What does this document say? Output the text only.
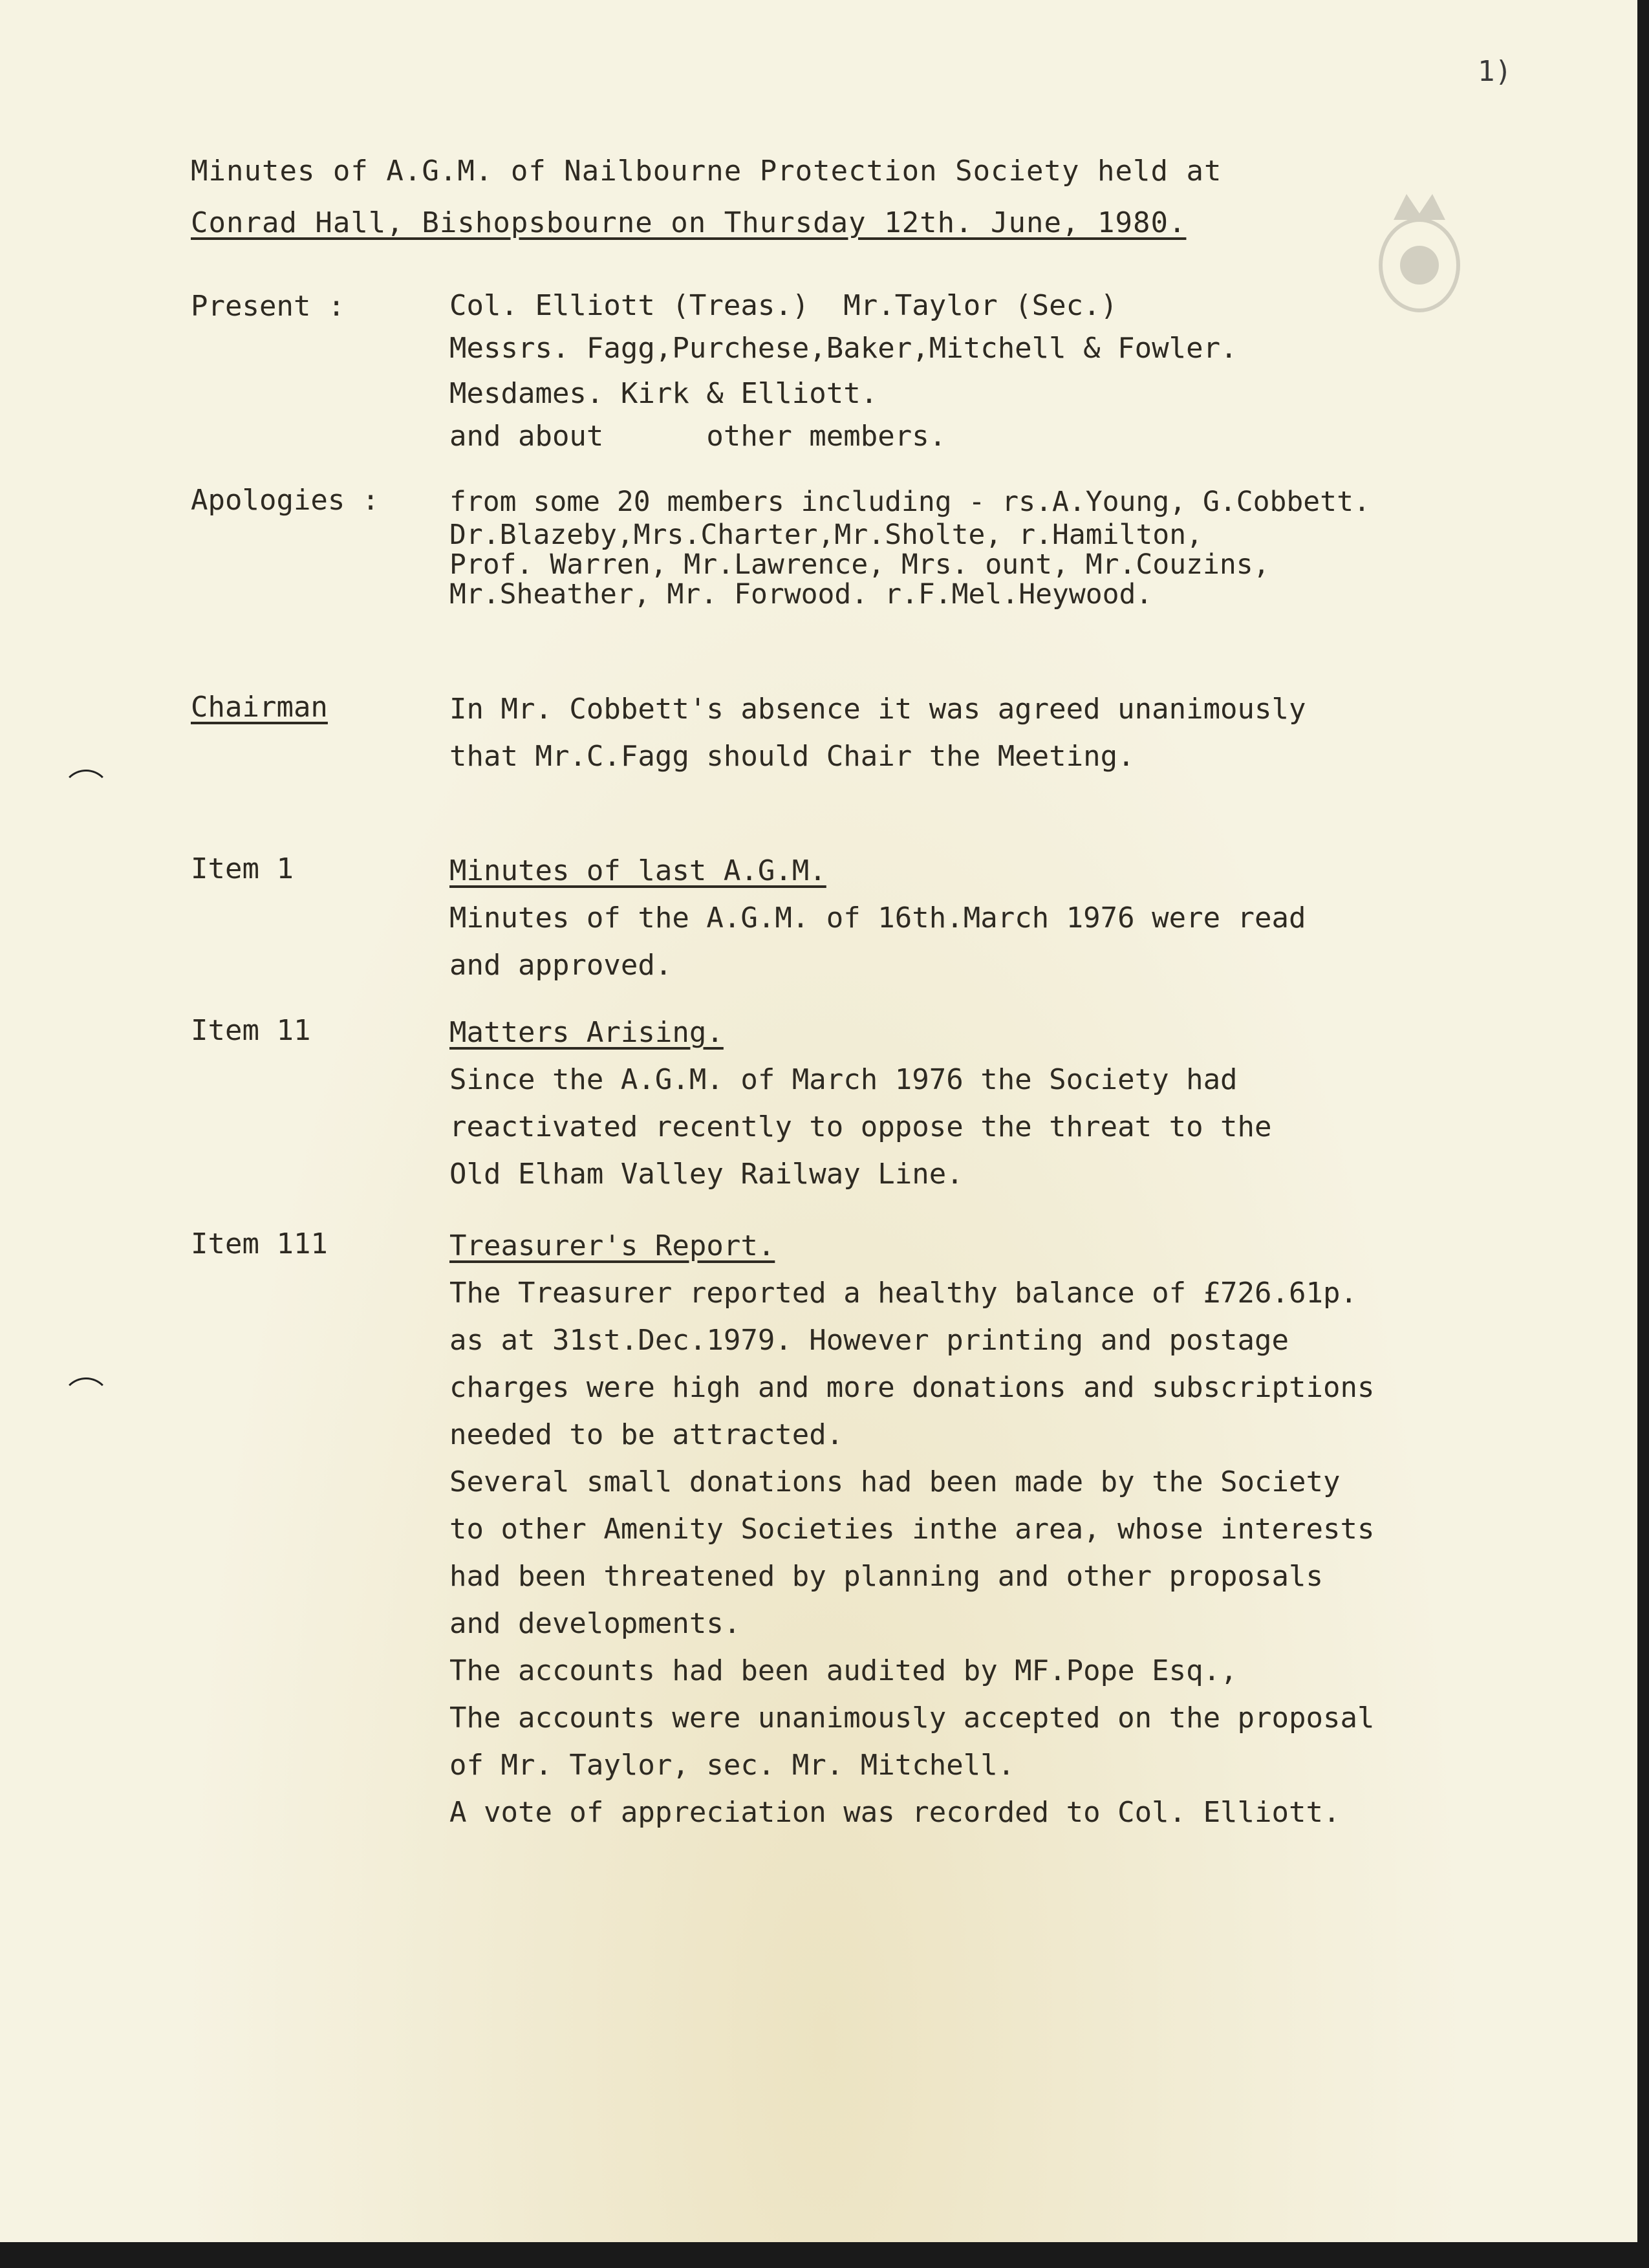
1)
Minutes of A.G.M. of Nailbourne Protection Society held at
Conrad Hall, Bishopsbourne on Thursday 12th. June, 1980.
Present :	Col. Elliott (Treas.)  Mr.Taylor (Sec.)
Messrs. Fagg,Purchese,Baker,Mitchell & Fowler.
Mesdames. Kirk & Elliott.
and about      other members.
Apologies :	from some 20 members including - rs.A.Young, G.Cobbett.
Dr.Blazeby,Mrs.Charter,Mr.Sholte, r.Hamilton,
Prof. Warren, Mr.Lawrence, Mrs. ount, Mr.Couzins,
Mr.Sheather, Mr. Forwood. r.F.Mel.Heywood.
Chairman	In Mr. Cobbett's absence it was agreed unanimously
that Mr.C.Fagg should Chair the Meeting.
Item 1	Minutes of last A.G.M.
Minutes of the A.G.M. of 16th.March 1976 were read
and approved.
Item 11	Matters Arising.
Since the A.G.M. of March 1976 the Society had
reactivated recently to oppose the threat to the
Old Elham Valley Railway Line.
Item 111	Treasurer's Report.
The Treasurer reported a healthy balance of £726.61p.
as at 31st.Dec.1979. However printing and postage
charges were high and more donations and subscriptions
needed to be attracted.
Several small donations had been made by the Society
to other Amenity Societies inthe area, whose interests
had been threatened by planning and other proposals
and developments.
The accounts had been audited by MF.Pope Esq.,
The accounts were unanimously accepted on the proposal
of Mr. Taylor, sec. Mr. Mitchell.
A vote of appreciation was recorded to Col. Elliott.
